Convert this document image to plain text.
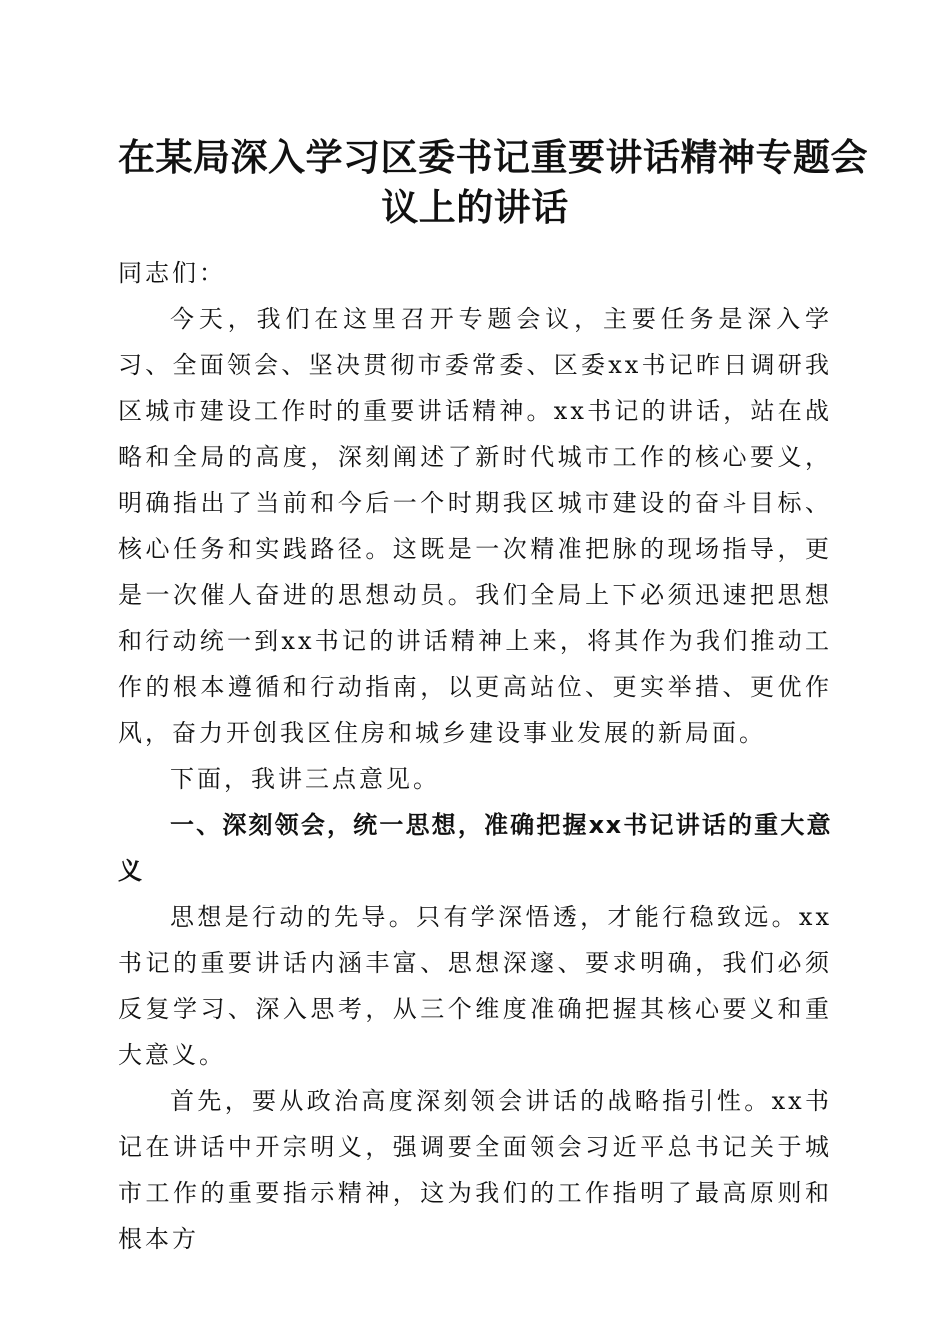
在某局深入学习区委书记重要讲话精神专题会
议上的讲话

同志们：

今天，我们在这里召开专题会议，主要任务是深入学习、全面领会、坚决贯彻市委常委、区委xx书记昨日调研我区城市建设工作时的重要讲话精神。xx书记的讲话，站在战略和全局的高度，深刻阐述了新时代城市工作的核心要义，明确指出了当前和今后一个时期我区城市建设的奋斗目标、核心任务和实践路径。这既是一次精准把脉的现场指导，更是一次催人奋进的思想动员。我们全局上下必须迅速把思想和行动统一到xx书记的讲话精神上来，将其作为我们推动工作的根本遵循和行动指南，以更高站位、更实举措、更优作风，奋力开创我区住房和城乡建设事业发展的新局面。

下面，我讲三点意见。

一、深刻领会，统一思想，准确把握xx书记讲话的重大意义

思想是行动的先导。只有学深悟透，才能行稳致远。xx书记的重要讲话内涵丰富、思想深邃、要求明确，我们必须反复学习、深入思考，从三个维度准确把握其核心要义和重大意义。

首先，要从政治高度深刻领会讲话的战略指引性。xx书记在讲话中开宗明义，强调要全面领会习近平总书记关于城市工作的重要指示精神，这为我们的工作指明了最高原则和根本方
